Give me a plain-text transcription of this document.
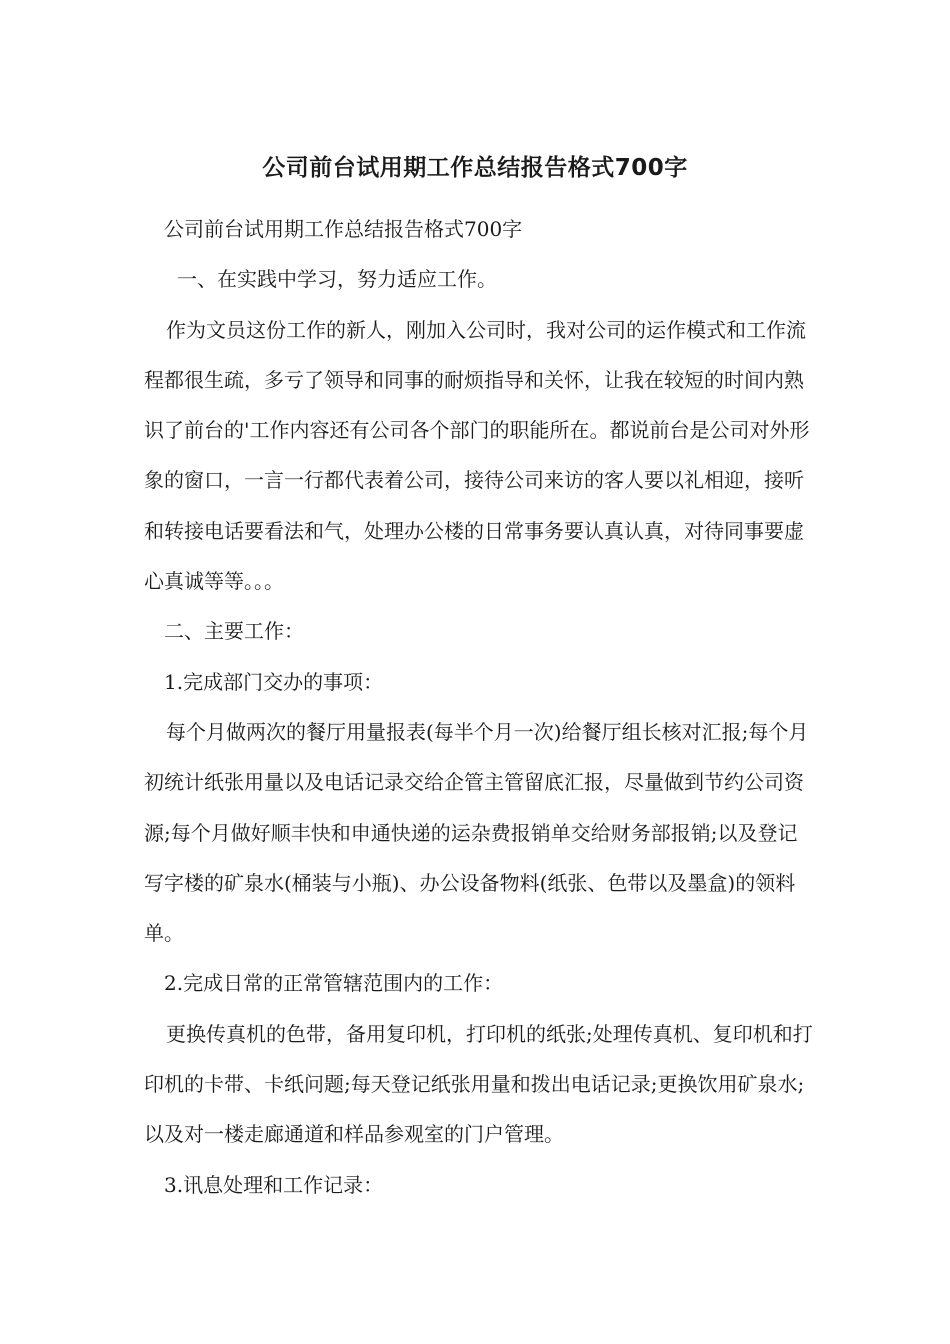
公司前台试用期工作总结报告格式700字

公司前台试用期工作总结报告格式700字

一、在实践中学习，努力适应工作。

作为文员这份工作的新人，刚加入公司时，我对公司的运作模式和工作流程都很生疏，多亏了领导和同事的耐烦指导和关怀，让我在较短的时间内熟识了前台的'工作内容还有公司各个部门的职能所在。都说前台是公司对外形象的窗口，一言一行都代表着公司，接待公司来访的客人要以礼相迎，接听和转接电话要看法和气，处理办公楼的日常事务要认真认真，对待同事要虚心真诚等等。。。

二、主要工作：

1.完成部门交办的事项：

每个月做两次的餐厅用量报表(每半个月一次)给餐厅组长核对汇报;每个月初统计纸张用量以及电话记录交给企管主管留底汇报，尽量做到节约公司资源;每个月做好顺丰快和申通快递的运杂费报销单交给财务部报销;以及登记写字楼的矿泉水(桶装与小瓶)、办公设备物料(纸张、色带以及墨盒)的领料单。

2.完成日常的正常管辖范围内的工作：

更换传真机的色带，备用复印机，打印机的纸张;处理传真机、复印机和打印机的卡带、卡纸问题;每天登记纸张用量和拨出电话记录;更换饮用矿泉水;以及对一楼走廊通道和样品参观室的门户管理。

3.讯息处理和工作记录：
